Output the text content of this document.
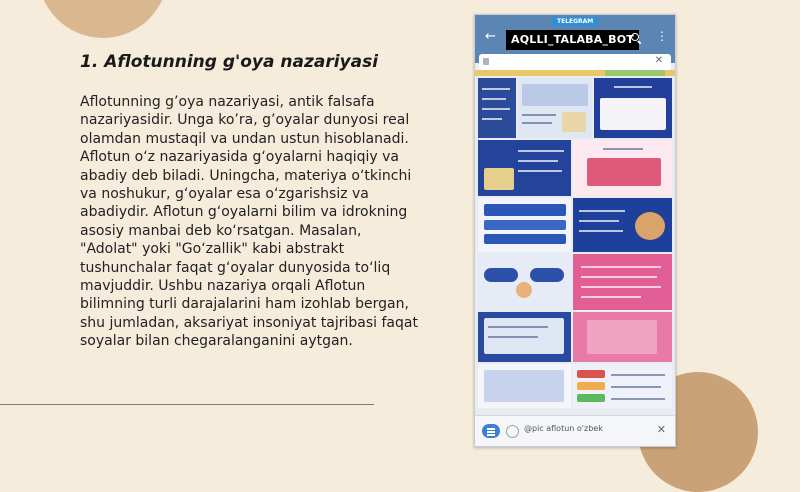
1. Aflotunning g'oya nazariyasi

Aflotunning g’oya nazariyasi, antik falsafa nazariyasidir. Unga ko’ra, g’oyalar dunyosi real olamdan mustaqil va undan ustun hisoblanadi. Aflotun o‘z nazariyasida g‘oyalarni haqiqiy va abadiy deb biladi. Uningcha, materiya o‘tkinchi va noshukur, g‘oyalar esa o‘zgarishsiz va abadiydir. Aflotun g‘oyalarni bilim va idrokning asosiy manbai deb ko‘rsatgan. Masalan, "Adolat" yoki "Go‘zallik" kabi abstrakt tushunchalar faqat g‘oyalar dunyosida to‘liq mavjuddir. Ushbu nazariya orqali Aflotun bilimning turli darajalarini ham izohlab bergan, shu jumladan, aksariyat insoniyat tajribasi faqat soyalar bilan chegaralanganini aytgan.

TELEGRAM
←	AQLLI_TALABA_BOT	⋮
✕
@pic aflotun o'zbek	✕
